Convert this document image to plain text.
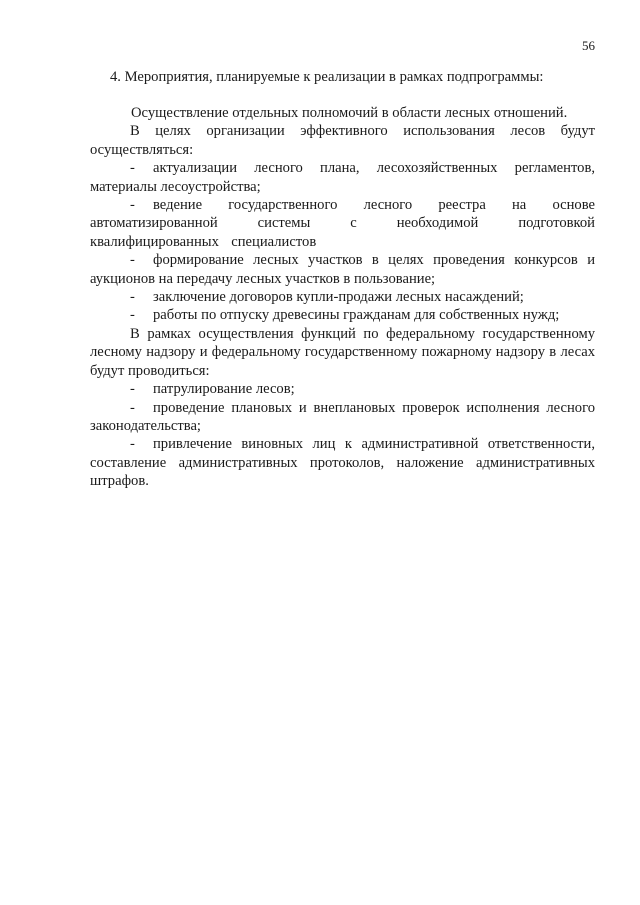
56
4. Мероприятия, планируемые к реализации в рамках подпрограммы:

Осуществление отдельных полномочий в области лесных отношений.

В целях организации эффективного использования лесов будут осуществляться:

- актуализации лесного плана, лесохозяйственных регламентов, материалы лесоустройства;

- ведение государственного лесного реестра на основе автоматизированной системы с необходимой подготовкой квалифицированных специалистов

- формирование лесных участков в целях проведения конкурсов и аукционов на передачу лесных участков в пользование;

- заключение договоров купли-продажи лесных насаждений;

- работы по отпуску древесины гражданам для собственных нужд;

В рамках осуществления функций по федеральному государственному лесному надзору и федеральному государственному пожарному надзору в лесах будут проводиться:

- патрулирование лесов;

- проведение плановых и внеплановых проверок исполнения лесного законодательства;

- привлечение виновных лиц к административной ответственности, составление административных протоколов, наложение административных штрафов.
